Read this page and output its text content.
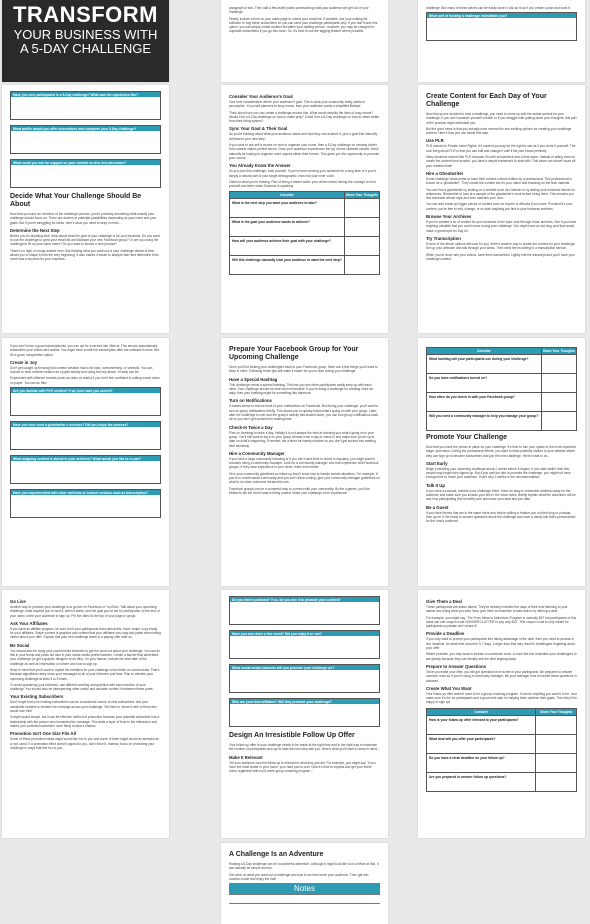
TRANSFORM
YOUR BUSINESS WITH
A 5-DAY CHALLENGE

paragraph or two. Then add a few bullet points summarizing what your audience will get out of your challenge.

Finally, include a form on your sales page to collect your email list. If possible, use your mailing list software to 'tag' these subscribers so you can send your challenge participants only. If you don't have this option, you can simply create another list within your mailing service. However, you may be charged for duplicate subscribers if you go this route. So, it's best to use the tagging feature where possible.

challenge. But many of these pieces can be easily done in just an hour if you create a plan and work it.

What part of hosting a challenge intimidates you?
Have you ever participated in a 5-Day challenge? What was the experience like?
What profile would you offer subscribers who complete your 5-Day challenge?
What could you ask for support on your website on this new adventure?
Decide What Your Challenge Should Be About

Now that you have an overview of the challenge process, you're probably wondering what exactly your challenge should focus on. There are dozens of potential possibilities depending on your niche and your goals. But if you're struggling for ideas, here's what you need to keep in mind...

Determine the Next Step

Before you do anything else, think about what the goal of your challenge is for your business. Do you want to use the challenge to grow your email list and kickstart your new Facebook group? Or are you using the challenge to fill up your client roster? Do you want to launch a new product?

There's no right or wrong answer here. But thinking what you want out of your challenge ahead of time allows you to shape it from the very beginning. It also makes it easier to analyze later and determine if the event was a success for your business.

Consider Your Audience's Goal

Your next consideration will be your audience's goal. This is what your community really wants to accomplish. If you sell planners to busy moms, then your audience wants a simplified lifestyle.

Think about how you can create a challenge around this. What would simplify the lives of busy moms? Would it be a 5-Day challenge on how to make prep? Could it be a 5-Day challenge on how to clean clutter from their living spaces?

Sync Your Goal & Their Goal

As you're thinking about what your audience wants and how they can achieve it, pick a goal that naturally will lead to your next step.

If you want to pre-sell a course on how to organize your home, then a 5-Day challenge on clearing clutter from closets makes perfect sense. Once your audience experiences the joy of less cluttered closets, they'll naturally be looking to organize more spaces within their homes. This gives you the opportunity to promote your course.

You Already Know the Answer

As you plan this challenge, trust yourself. If you've been serving your audience for a long time or if you're simply a natural part of your target demographic, lean into your inner voice.

Listen to what you're hearing. Part of being a leader within your niche means having the courage to trust yourself and listen when Essence is speaking.

Consider	Share Your Thoughts
What is the next step you want your audience to take?	
What is the goal your audience wants to achieve?	
How will your audience achieve their goal with your challenge?	
Will this challenge naturally lead your audience to want the next step?	
Create Content for Each Day of Your Challenge

Now that you've decided to host a challenge, you need to come up with the actual content for your challenge. If you don't consider yourself a writer or if you struggle with putting down your thoughts, this part of the process might intimidate you.

But the good news is that you actually have several fun and exciting options for creating your challenge content. Here's how you can tackle this task.

Use PLR

PLR stands for Private Label Rights. It's content you pay for the right to use as if you wrote it yourself. The cool thing about PLR is that you can edit and change it until it fits your brand perfectly.

Many business owners like PLR because it's both inexpensive and a time-saver. Instead of sitting down to create the content from scratch, you have a simple framework to start with. This alone can shave hours off your creation time!

Hire a Ghostwriter

Some challenge hosts prefer to have their content custom written by a professional. This professional is known as a 'ghostwriter'. They create the content but it's your name and branding on the final material.

You can find a ghostwriter by looking on a website such as LinkedIn or by asking your business friends for references. Remember to look at a sample of the ghostwriter's work before hiring them. This ensures you find someone whose style and tone matches your own.

You can also break up bigger pieces of content such as reports or eBooks if you have. Provided it's your content, you're free to edit, change, or re-work anything you find in your business archives.

Browse Your Archives

If you've created a lot of content for your business in the past, look through those archives. See if you have anything valuable that you could reuse during your challenge. You might have an old blog post that would make a great topic for Day #2.

Try Transcription

If none of the above options will work for you, there's another way to create the content for your challenge. Set up your webcam and talk through your ideas. Then send the recording to a transcription service.

When you've done with your videos, have them transcribed. Lightly edit the transcript and you'll have your challenge content.

If you don't know a good transcriptionist, you can opt for a service like Otter.ai. This service automatically transcribes your videos and audios. You might have to edit the transcription after the software is done. But it's a good, inexpensive option.

Create in Joy

Don't get caught up thinking that content creation has to be hard, overwhelming, or stressful. You can choose to view content creation as a joyful activity and using the key above. It really can be.

Experiment with different formats (such as video vs audio) if you don't feel confident in putting words down on paper. You can do this!

Are you familiar with PLR content? If so, how have you used it?
Have you ever used a ghostwriter's services? Did you enjoy the process?
What outgoing content is stored in your archives? What would you like to re-use?
Have you experimented with other methods of content creation such as transcription?
Prepare Your Facebook Group for Your Upcoming Challenge

Once you'll be kicking your challengers back to your Facebook group, there are a few things you'll want to keep in mind. Following these tips will make it easier for you to lead during your challenge.

Have a Special Hashtag

This challenge needs a special hashtag. This lets you and other participants easily keep up with each other. Your challenge should be short and memorable. If you're doing a challenge for creating more art daily, then your hashtag might be something like #artmore.

Turn on Notifications

It makes sense to ensure most of your notifications on Facebook. But during your challenge, you'll want to turn on group notifications briefly. This allows you to quickly follow what's going on with your group. Later, after the challenge is over and the group's activity has slowed down, you can turn group notifications back off so you don't get sucked into wasting time.

Check-In Twice a Day

Plan on checking in twice a day. Initially it is not always the best at showing you what's going on in your group. You'll still want to log in to your group at least once a day to check in and make sure you're up to date on what's happening. If needed, set a timer for twenty minutes so you don't get sucked into wasting time aimlessly.

Hire a Community Manager

If you have a large community following or if you don't have time to check in regularly, you might want to consider hiring a community manager. Look for a community manager who has experience with Facebook groups. If they have experience in your niche, that's even better.

Give your community guidelines so fellow up they'll know how to handle certain situations. For example, if you're in a faith-based community and you don't allow cursing, give your community manager guidelines on what to do when someone breaks this rule.

Facebook groups can be a wonderful way to connect with your community. By the a gather, you'll be thrilled to tell the world what is being posted. Make your challenge a fun experience!

Consider	Share Your Thoughts
What hashtag will your participants use during your challenge?	
Do you have notifications turned on?	
How often do you check in with your Facebook group?	
Will you need a community manager to help you manage your group?	
Promote Your Challenge

Now that you have the pieces in place for your challenge, it's time to turn your space to the most important stage: promotion. During the promotional efforts, you want to draw potential visitors to your website where they can sign up to become subscribers and join the new challenge. Here's what to do...

Start Early

Begin promoting your upcoming challenge about 2 weeks before it begins. If you start earlier than this, people may forget they signed up. But if you wait too late to promote the challenge, you might not have enough time to reach your audience. That's why 2 weeks is the recommendation.

Talk It Up

If you have a podcast, mention your challenge there. Have an easy to remember address ready for the audience and make sure you include your link in the show notes. Briefly explain what the adventure will be and how participating (the benefits) and announce your start and join date.

Be a Guest

If you have friends that are in the same niche and they're willing to feature you on their blog or podcast, then go for it. Be ready to answer questions about the challenge and have a handy link that's personalized for the host's audience.

Go Live

Another way to promote your challenge is to go live on Facebook or YouTube. Talk about your upcoming challenge, what inspired you to host it, when it starts, and the goal you've set for participants. At the end of your video, invite your audience to sign up. Pin the video to the top of your page or group.

Ask Your Affiliates

If you have an affiliate program, be sure to let your participants know about this. Have 'swipe' copy ready for your affiliates. Swipe content is graphics and content that your affiliates can copy and paste when telling others about your offer. Explain that your free challenge leads to a paying offer later on.

Be Social

You should also be using your social media channels to get the word out about your challenge. You can do this in your feeds and posts but also in your social media profile banners. Create a banner that advertises your challenge (or get a graphic designer to do this). On your banner, include the start date of the challenge as well as information on where and how to sign up.

Keep in mind that you'll want to repeat the invitation for your challenge a few times on social media. That's because algorithms rarely show your messages to all of your followers and fans. Plan to mention your upcoming challenge at least 3 to 5 times.

To avoid spamming your followers, use different wording and graphics with each mention of your challenge. You should also be interspersing other useful and valuable content in between these posts.

Your Existing Subscribers

Don't forget that your existing subscribers can be a wonderful source of new subscribers. Ask your newsletter readers to forward the message across your challenge. Tell them to 'share it with a friend who would love this!'

It might sound simple, but it can be effective method of promotion because your potential subscriber has a relationship with the person who forwarded the message. This adds a layer of trust to the interaction and makes your potential subscriber more likely to take a chance.

Promotion Isn't One Size Fits All

Some of these promotion ideas might sound like fun to you and some of them might sound as stressful as a root canal. If a promotion effort doesn't appeal to you, don't force it. Instead, focus on promoting your challenge in ways that feel fun to you.

Do you have a podcast? If so, do you use it to promote your content?
Have you ever done a live event? Did you enjoy it or not?
What social media channels will you promote your challenge on?
Who are your best affiliates? Will they promote your challenge?
Design An Irresistible Follow Up Offer

Your follow up offer to your challenge needs to be made at the right time and in the right way to maximize the number of participants who opt to take the next step with you. Here's what you'll want to keep in mind...

Make It Relevant

Tell your audience how the follow up is relevant to what they just did. For example, you might say, 'If you have the most clutter in your home, your hard part is over. Now it's time to expand and get your entire home organized with my 8-week group coaching program...'

Give Them a Deal

These participants are action takers. They've already invested five days of their time listening to your advice and doing what you said. Now, give them an incentive to take action by offering a deal.

For example, you might say, 'The From Mess to Marvelous Program is normally $97 but participants of this class can use coupon code NOMORECLUTTER to pay only $19'. This coupon code is only meant for participants so please don't share it!

Provide a Deadline

If you truly want to prompt your participants into taking advantage of the deal, then you need to provide a firm deadline. An ideal time would be 3-7 days. Longer than that may result in challengers forgetting about your offer.

Where possible, you may want to include a countdown clock. A clock like this motivates your challengers to act quickly because they can literally see the deal slipping away.

Prepare to Answer Questions

Once you make your offer, you will get questions from some of your participants. Be prepared to answer common ones so if you're using a community manager, tell your manager how to handle these questions in advance.

Create What You Want

Your follow up offer doesn't have to be a group coaching program. It can be anything you want it to be. Just make sure it's fun for participants and a good next step for helping them achieve their goals. Then they'll be happy to sign up!

Consider	Share Your Thoughts
How is your follow up offer relevant to your participants?	
What deal will you offer your participants?	
Do you have a clear deadline on your follow up?	
Are you prepared to answer follow up questions?	
A Challenge Is an Adventure

Hosting a 5-Day challenge can be a wonderful adventure. Although it might look like a lot of effort at first, it can actually be simple and fun.

Get clear on what you want out a challenge and how it can best serve your audience. Then get into creation mode and enjoy the ride!

Notes
